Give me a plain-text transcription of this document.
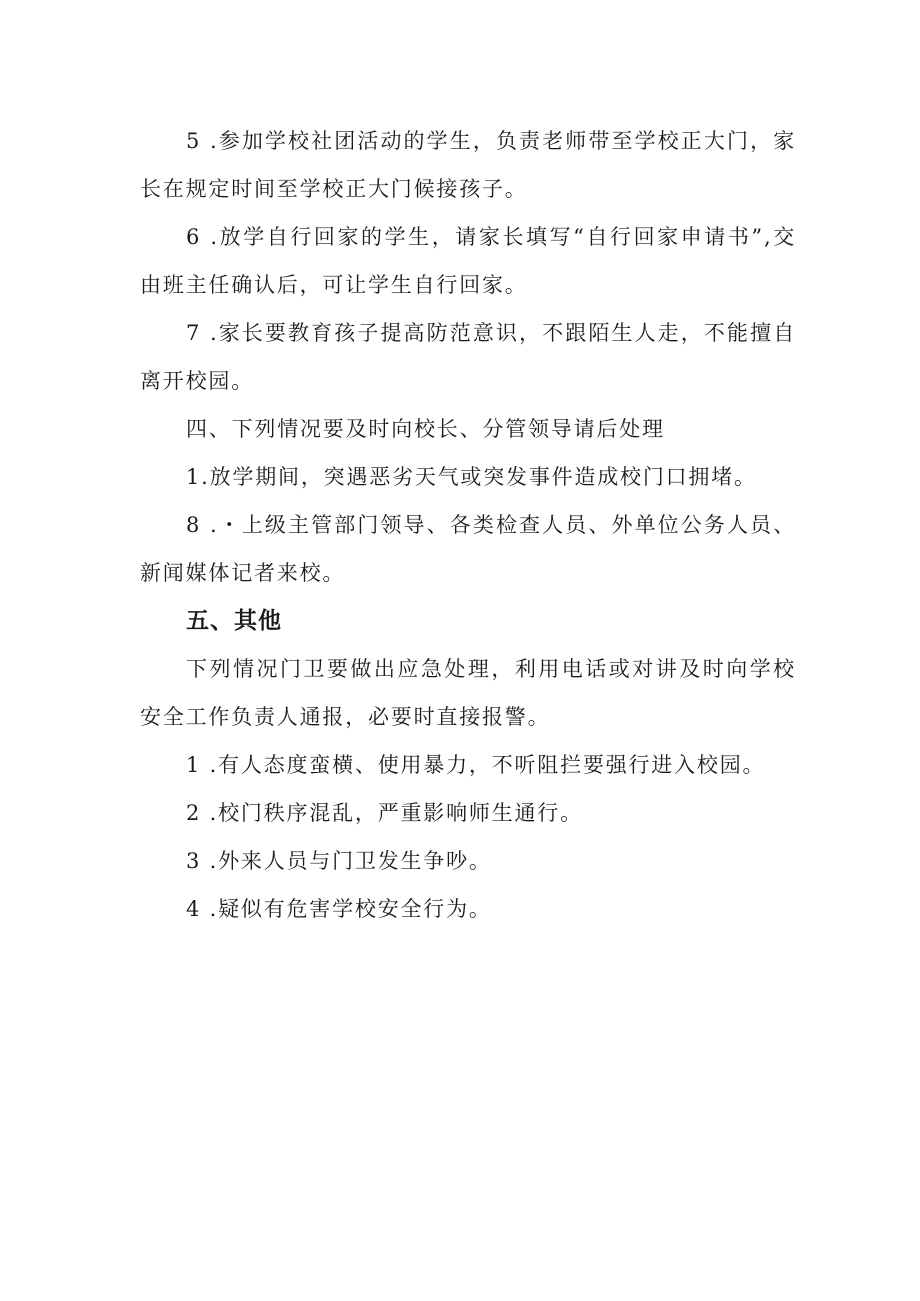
5 .参加学校社团活动的学生，负责老师带至学校正大门，家长在规定时间至学校正大门候接孩子。

6 .放学自行回家的学生，请家长填写“自行回家申请书”,交由班主任确认后，可让学生自行回家。

7 .家长要教育孩子提高防范意识，不跟陌生人走，不能擅自离开校园。

四、下列情况要及时向校长、分管领导请后处理

1.放学期间，突遇恶劣天气或突发事件造成校门口拥堵。

8 .・上级主管部门领导、各类检查人员、外单位公务人员、新闻媒体记者来校。

五、其他

下列情况门卫要做出应急处理，利用电话或对讲及时向学校安全工作负责人通报，必要时直接报警。

1 .有人态度蛮横、使用暴力，不听阻拦要强行进入校园。

2 .校门秩序混乱，严重影响师生通行。

3 .外来人员与门卫发生争吵。

4 .疑似有危害学校安全行为。
